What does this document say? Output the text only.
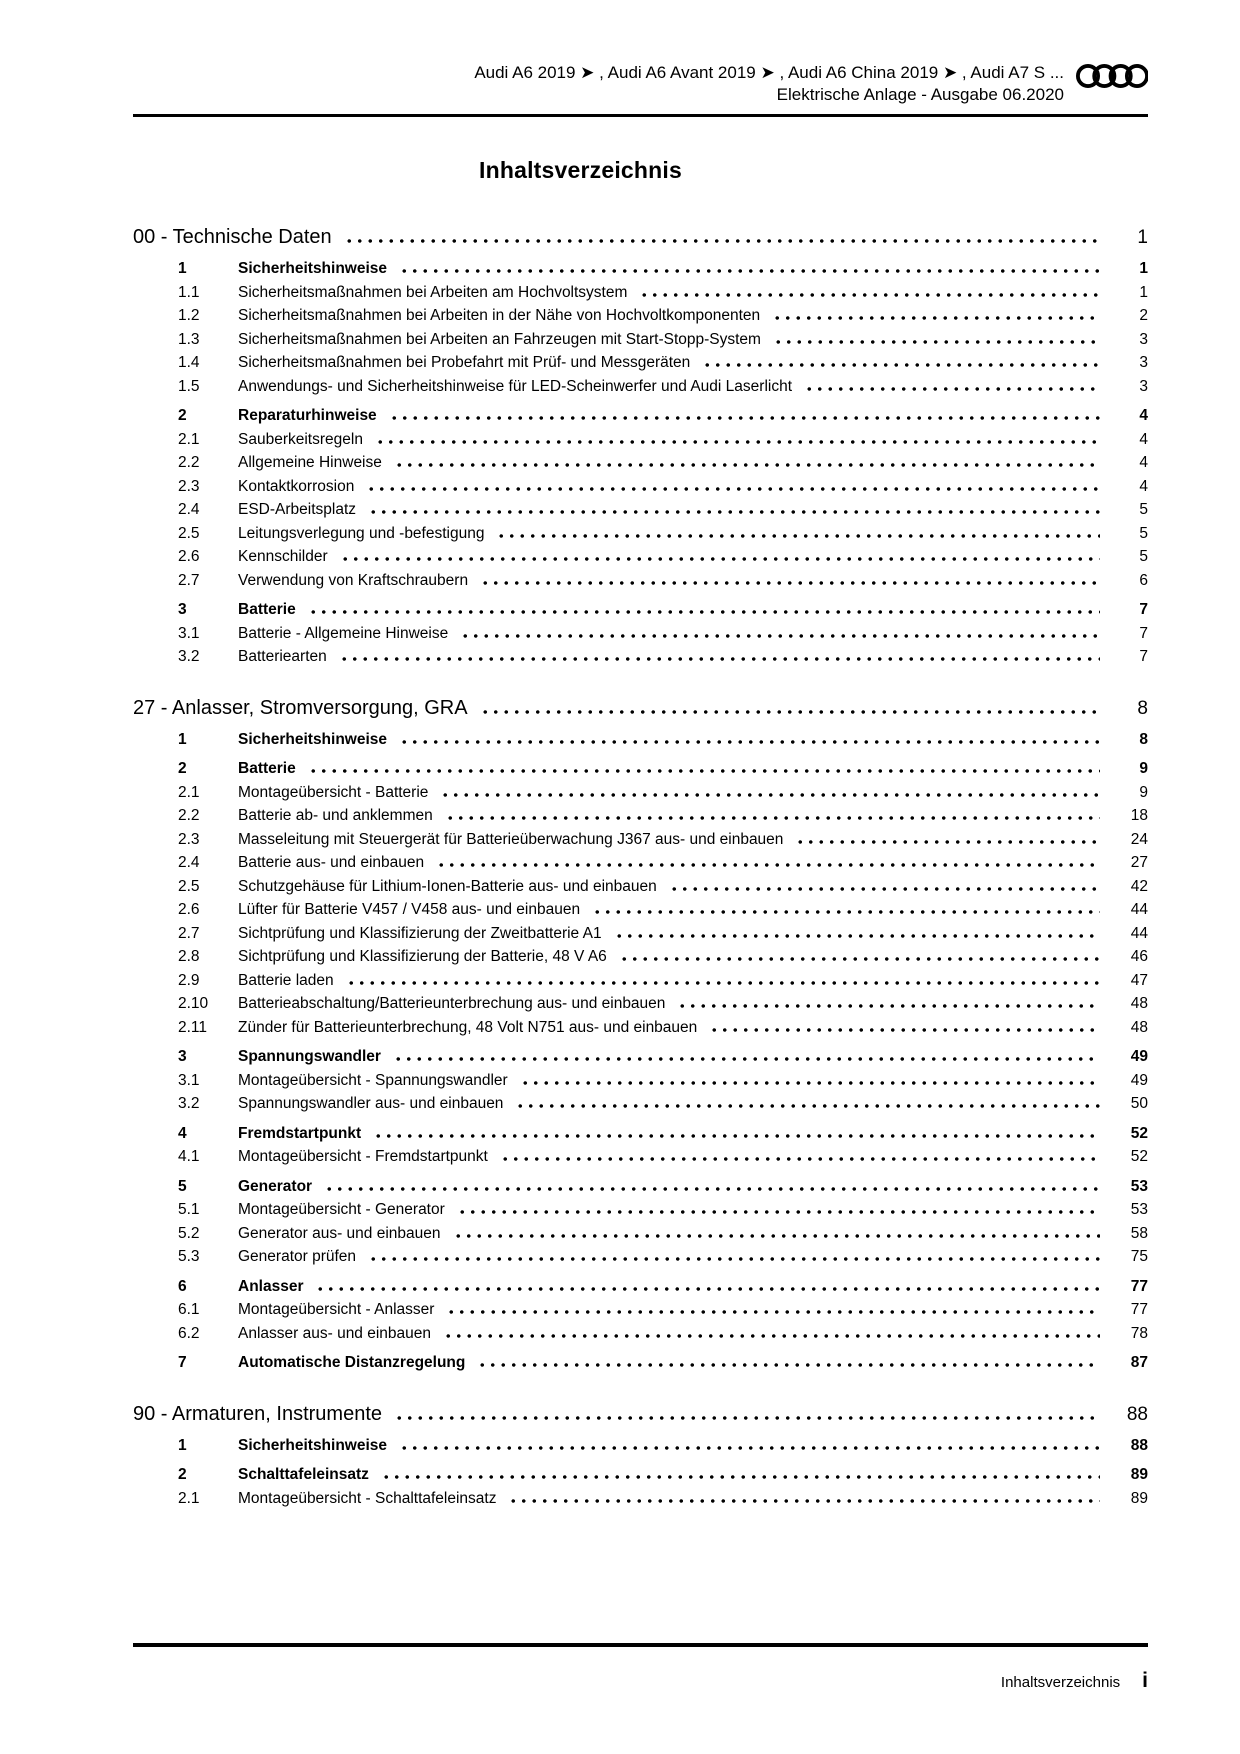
Audi A6 2019 ➤ , Audi A6 Avant 2019 ➤ , Audi A6 China 2019 ➤ , Audi A7 S ...
Elektrische Anlage - Ausgabe 06.2020
Inhaltsverzeichnis
00 - Technische Daten	1
1	Sicherheitshinweise	1
1.1	Sicherheitsmaßnahmen bei Arbeiten am Hochvoltsystem	1
1.2	Sicherheitsmaßnahmen bei Arbeiten in der Nähe von Hochvoltkomponenten	2
1.3	Sicherheitsmaßnahmen bei Arbeiten an Fahrzeugen mit Start-Stopp-System	3
1.4	Sicherheitsmaßnahmen bei Probefahrt mit Prüf- und Messgeräten	3
1.5	Anwendungs- und Sicherheitshinweise für LED-Scheinwerfer und Audi Laserlicht	3
2	Reparaturhinweise	4
2.1	Sauberkeitsregeln	4
2.2	Allgemeine Hinweise	4
2.3	Kontaktkorrosion	4
2.4	ESD-Arbeitsplatz	5
2.5	Leitungsverlegung und -befestigung	5
2.6	Kennschilder	5
2.7	Verwendung von Kraftschraubern	6
3	Batterie	7
3.1	Batterie - Allgemeine Hinweise	7
3.2	Batteriearten	7
27 - Anlasser, Stromversorgung, GRA	8
1	Sicherheitshinweise	8
2	Batterie	9
2.1	Montageübersicht - Batterie	9
2.2	Batterie ab- und anklemmen	18
2.3	Masseleitung mit Steuergerät für Batterieüberwachung J367 aus- und einbauen	24
2.4	Batterie aus- und einbauen	27
2.5	Schutzgehäuse für Lithium-Ionen-Batterie aus- und einbauen	42
2.6	Lüfter für Batterie V457 / V458 aus- und einbauen	44
2.7	Sichtprüfung und Klassifizierung der Zweitbatterie A1	44
2.8	Sichtprüfung und Klassifizierung der Batterie, 48 V A6	46
2.9	Batterie laden	47
2.10	Batterieabschaltung/Batterieunterbrechung aus- und einbauen	48
2.11	Zünder für Batterieunterbrechung, 48 Volt N751 aus- und einbauen	48
3	Spannungswandler	49
3.1	Montageübersicht - Spannungswandler	49
3.2	Spannungswandler aus- und einbauen	50
4	Fremdstartpunkt	52
4.1	Montageübersicht - Fremdstartpunkt	52
5	Generator	53
5.1	Montageübersicht - Generator	53
5.2	Generator aus- und einbauen	58
5.3	Generator prüfen	75
6	Anlasser	77
6.1	Montageübersicht - Anlasser	77
6.2	Anlasser aus- und einbauen	78
7	Automatische Distanzregelung	87
90 - Armaturen, Instrumente	88
1	Sicherheitshinweise	88
2	Schalttafeleinsatz	89
2.1	Montageübersicht - Schalttafeleinsatz	89
Inhaltsverzeichnis i
